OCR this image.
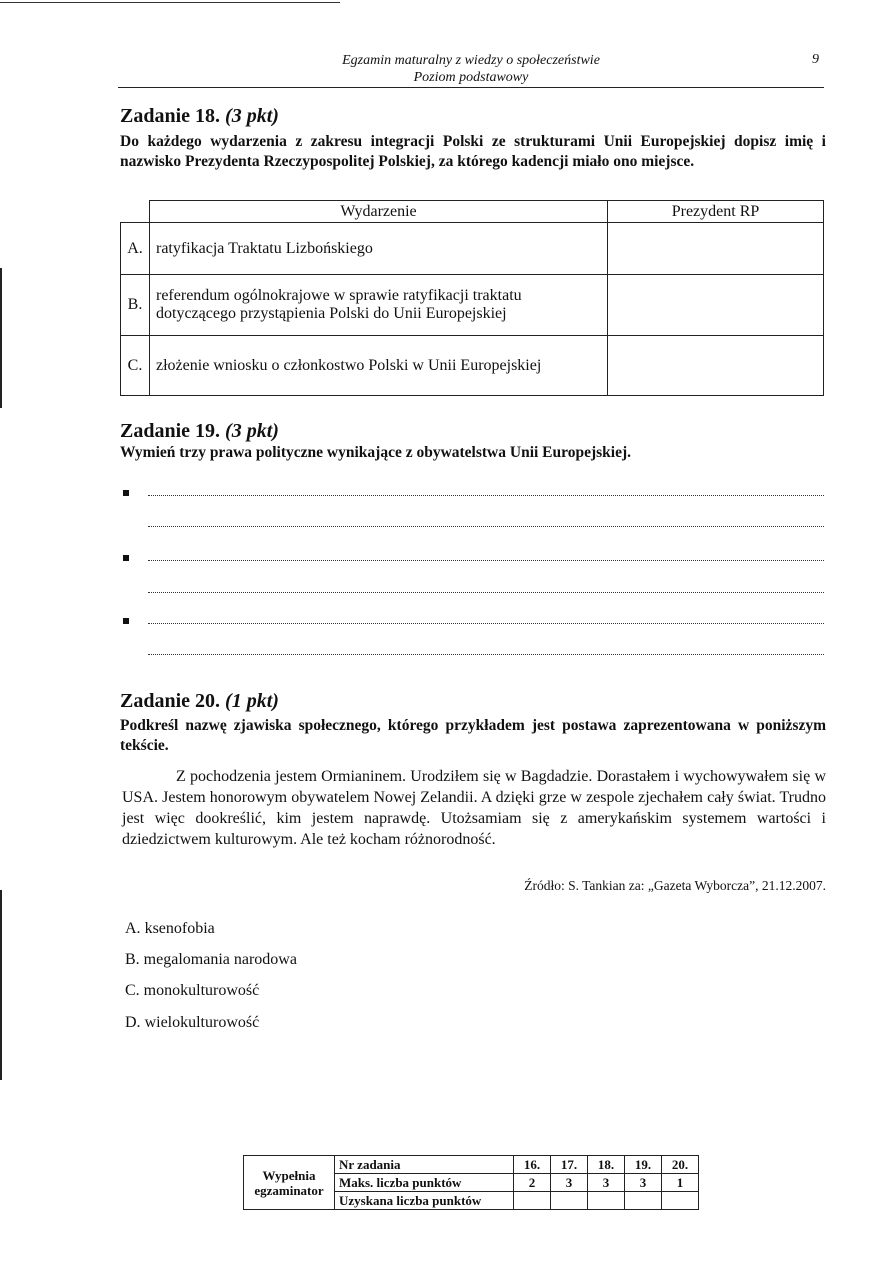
Egzamin maturalny z wiedzy o społeczeństwie
Poziom podstawowy
9
Zadanie 18. (3 pkt)
Do każdego wydarzenia z zakresu integracji Polski ze strukturami Unii Europejskiej dopisz imię i nazwisko Prezydenta Rzeczypospolitej Polskiej, za którego kadencji miało ono miejsce.
	Wydarzenie	Prezydent RP
A.	ratyfikacja Traktatu Lizbońskiego	
B.	referendum ogólnokrajowe w sprawie ratyfikacji traktatu dotyczącego przystąpienia Polski do Unii Europejskiej	
C.	złożenie wniosku o członkostwo Polski w Unii Europejskiej	
Zadanie 19. (3 pkt)
Wymień trzy prawa polityczne wynikające z obywatelstwa Unii Europejskiej.
Zadanie 20. (1 pkt)
Podkreśl nazwę zjawiska społecznego, którego przykładem jest postawa zaprezentowana w poniższym tekście.
Z pochodzenia jestem Ormianinem. Urodziłem się w Bagdadzie. Dorastałem i wychowywałem się w USA. Jestem honorowym obywatelem Nowej Zelandii. A dzięki grze w zespole zjechałem cały świat. Trudno jest więc dookreślić, kim jestem naprawdę. Utożsamiam się z amerykańskim systemem wartości i dziedzictwem kulturowym. Ale też kocham różnorodność.
Źródło: S. Tankian za: „Gazeta Wyborcza”, 21.12.2007.
A. ksenofobia
B. megalomania narodowa
C. monokulturowość
D. wielokulturowość
Wypełnia
egzaminator	Nr zadania	16.	17.	18.	19.	20.
	Maks. liczba punktów	2	3	3	3	1
	Uzyskana liczba punktów					
